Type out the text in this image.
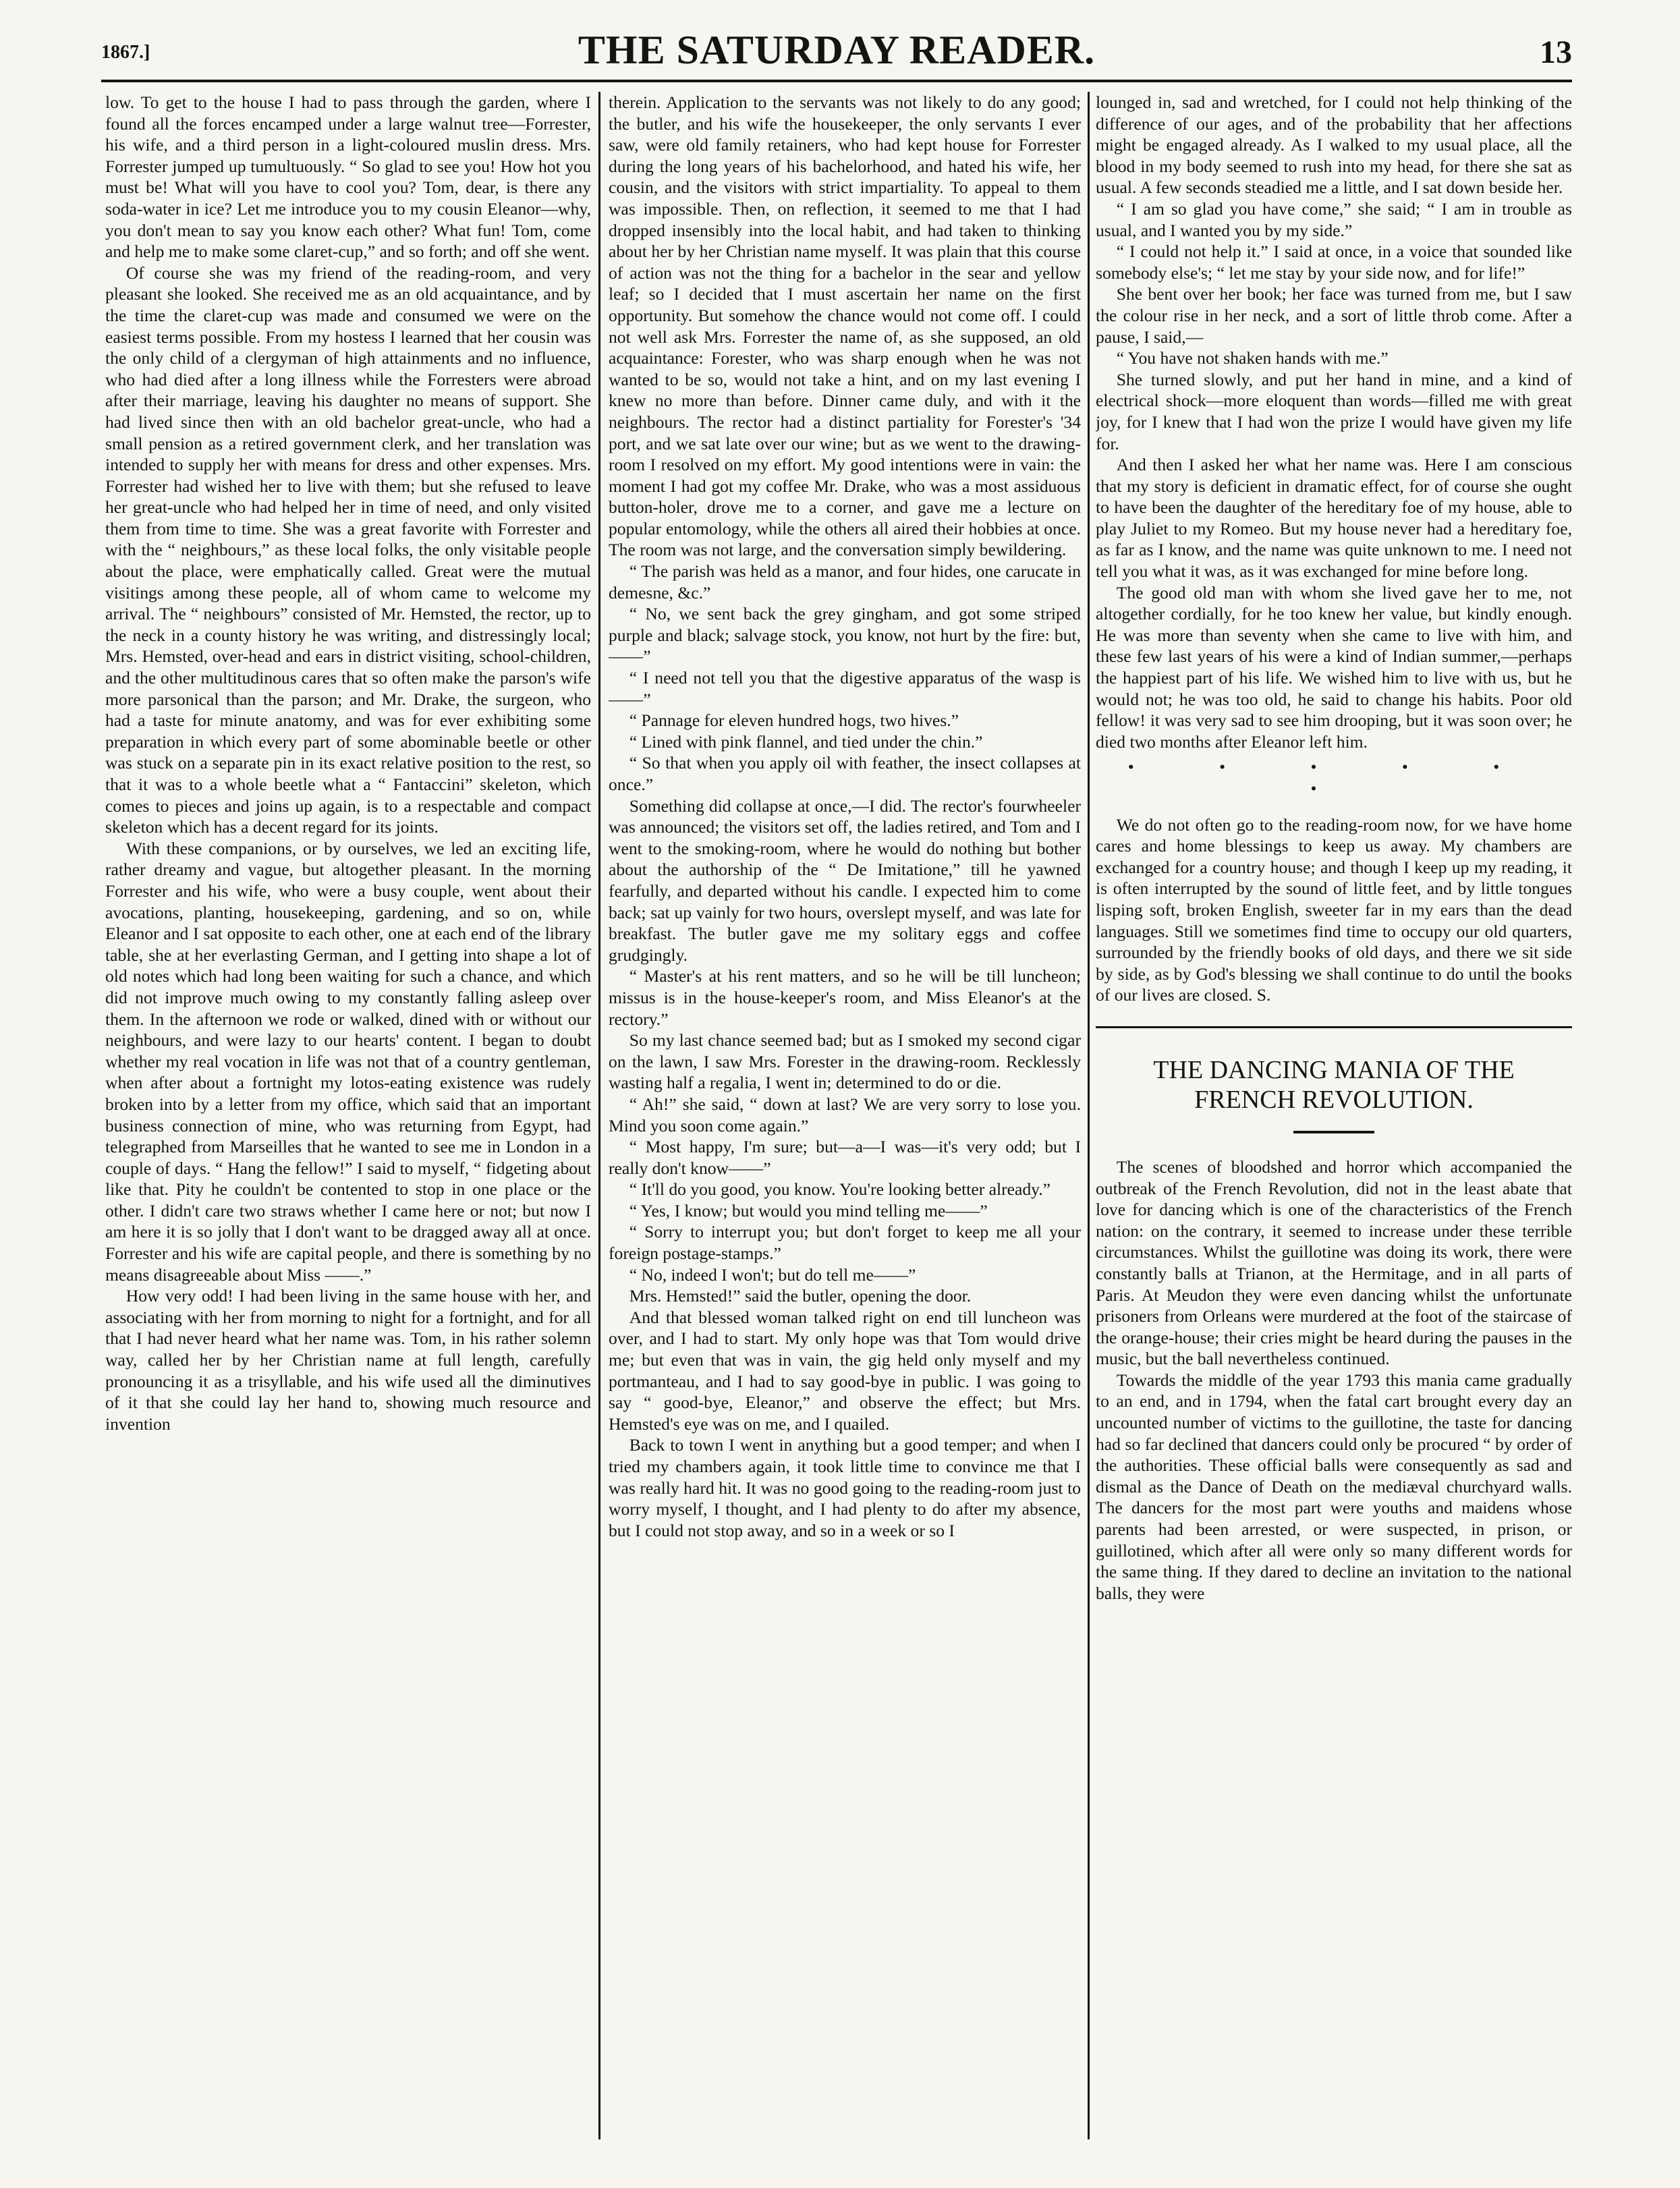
1867.]	THE SATURDAY READER.	13

low. To get to the house I had to pass through the garden, where I found all the forces encamped under a large walnut tree—Forrester, his wife, and a third person in a light-coloured muslin dress. Mrs. Forrester jumped up tumultuously. “ So glad to see you! How hot you must be! What will you have to cool you? Tom, dear, is there any soda-water in ice? Let me introduce you to my cousin Eleanor—why, you don't mean to say you know each other? What fun! Tom, come and help me to make some claret-cup,” and so forth; and off she went.

Of course she was my friend of the reading-room, and very pleasant she looked. She received me as an old acquaintance, and by the time the claret-cup was made and consumed we were on the easiest terms possible. From my hostess I learned that her cousin was the only child of a clergyman of high attainments and no influence, who had died after a long illness while the Forresters were abroad after their marriage, leaving his daughter no means of support. She had lived since then with an old bachelor great-uncle, who had a small pension as a retired government clerk, and her translation was intended to supply her with means for dress and other expenses. Mrs. Forrester had wished her to live with them; but she refused to leave her great-uncle who had helped her in time of need, and only visited them from time to time. She was a great favorite with Forrester and with the “ neighbours,” as these local folks, the only visitable people about the place, were emphatically called. Great were the mutual visitings among these people, all of whom came to welcome my arrival. The “ neighbours” consisted of Mr. Hemsted, the rector, up to the neck in a county history he was writing, and distressingly local; Mrs. Hemsted, over-head and ears in district visiting, school-children, and the other multitudinous cares that so often make the parson's wife more parsonical than the parson; and Mr. Drake, the surgeon, who had a taste for minute anatomy, and was for ever exhibiting some preparation in which every part of some abominable beetle or other was stuck on a separate pin in its exact relative position to the rest, so that it was to a whole beetle what a “ Fantaccini” skeleton, which comes to pieces and joins up again, is to a respectable and compact skeleton which has a decent regard for its joints.

With these companions, or by ourselves, we led an exciting life, rather dreamy and vague, but altogether pleasant. In the morning Forrester and his wife, who were a busy couple, went about their avocations, planting, housekeeping, gardening, and so on, while Eleanor and I sat opposite to each other, one at each end of the library table, she at her everlasting German, and I getting into shape a lot of old notes which had long been waiting for such a chance, and which did not improve much owing to my constantly falling asleep over them. In the afternoon we rode or walked, dined with or without our neighbours, and were lazy to our hearts' content. I began to doubt whether my real vocation in life was not that of a country gentleman, when after about a fortnight my lotos-eating existence was rudely broken into by a letter from my office, which said that an important business connection of mine, who was returning from Egypt, had telegraphed from Marseilles that he wanted to see me in London in a couple of days. “ Hang the fellow!” I said to myself, “ fidgeting about like that. Pity he couldn't be contented to stop in one place or the other. I didn't care two straws whether I came here or not; but now I am here it is so jolly that I don't want to be dragged away all at once. Forrester and his wife are capital people, and there is something by no means disagreeable about Miss ——.”

How very odd! I had been living in the same house with her, and associating with her from morning to night for a fortnight, and for all that I had never heard what her name was. Tom, in his rather solemn way, called her by her Christian name at full length, carefully pronouncing it as a trisyllable, and his wife used all the diminutives of it that she could lay her hand to, showing much resource and invention

therein. Application to the servants was not likely to do any good; the butler, and his wife the housekeeper, the only servants I ever saw, were old family retainers, who had kept house for Forrester during the long years of his bachelorhood, and hated his wife, her cousin, and the visitors with strict impartiality. To appeal to them was impossible. Then, on reflection, it seemed to me that I had dropped insensibly into the local habit, and had taken to thinking about her by her Christian name myself. It was plain that this course of action was not the thing for a bachelor in the sear and yellow leaf; so I decided that I must ascertain her name on the first opportunity. But somehow the chance would not come off. I could not well ask Mrs. Forrester the name of, as she supposed, an old acquaintance: Forester, who was sharp enough when he was not wanted to be so, would not take a hint, and on my last evening I knew no more than before. Dinner came duly, and with it the neighbours. The rector had a distinct partiality for Forester's '34 port, and we sat late over our wine; but as we went to the drawing-room I resolved on my effort. My good intentions were in vain: the moment I had got my coffee Mr. Drake, who was a most assiduous button-holer, drove me to a corner, and gave me a lecture on popular entomology, while the others all aired their hobbies at once. The room was not large, and the conversation simply bewildering.

“ The parish was held as a manor, and four hides, one carucate in demesne, &c.”

“ No, we sent back the grey gingham, and got some striped purple and black; salvage stock, you know, not hurt by the fire: but,——”

“ I need not tell you that the digestive apparatus of the wasp is——”

“ Pannage for eleven hundred hogs, two hives.”

“ Lined with pink flannel, and tied under the chin.”

“ So that when you apply oil with feather, the insect collapses at once.”

Something did collapse at once,—I did. The rector's fourwheeler was announced; the visitors set off, the ladies retired, and Tom and I went to the smoking-room, where he would do nothing but bother about the authorship of the “ De Imitatione,” till he yawned fearfully, and departed without his candle. I expected him to come back; sat up vainly for two hours, overslept myself, and was late for breakfast. The butler gave me my solitary eggs and coffee grudgingly.

“ Master's at his rent matters, and so he will be till luncheon; missus is in the house-keeper's room, and Miss Eleanor's at the rectory.”

So my last chance seemed bad; but as I smoked my second cigar on the lawn, I saw Mrs. Forester in the drawing-room. Recklessly wasting half a regalia, I went in; determined to do or die.

“ Ah!” she said, “ down at last? We are very sorry to lose you. Mind you soon come again.”

“ Most happy, I'm sure; but—a—I was—it's very odd; but I really don't know——”

“ It'll do you good, you know. You're looking better already.”

“ Yes, I know; but would you mind telling me——”

“ Sorry to interrupt you; but don't forget to keep me all your foreign postage-stamps.”

“ No, indeed I won't; but do tell me——”

Mrs. Hemsted!” said the butler, opening the door.

And that blessed woman talked right on end till luncheon was over, and I had to start. My only hope was that Tom would drive me; but even that was in vain, the gig held only myself and my portmanteau, and I had to say good-bye in public. I was going to say “ good-bye, Eleanor,” and observe the effect; but Mrs. Hemsted's eye was on me, and I quailed.

Back to town I went in anything but a good temper; and when I tried my chambers again, it took little time to convince me that I was really hard hit. It was no good going to the reading-room just to worry myself, I thought, and I had plenty to do after my absence, but I could not stop away, and so in a week or so I

lounged in, sad and wretched, for I could not help thinking of the difference of our ages, and of the probability that her affections might be engaged already. As I walked to my usual place, all the blood in my body seemed to rush into my head, for there she sat as usual. A few seconds steadied me a little, and I sat down beside her.

“ I am so glad you have come,” she said; “ I am in trouble as usual, and I wanted you by my side.”

“ I could not help it.” I said at once, in a voice that sounded like somebody else's; “ let me stay by your side now, and for life!”

She bent over her book; her face was turned from me, but I saw the colour rise in her neck, and a sort of little throb come. After a pause, I said,—

“ You have not shaken hands with me.”

She turned slowly, and put her hand in mine, and a kind of electrical shock—more eloquent than words—filled me with great joy, for I knew that I had won the prize I would have given my life for.

And then I asked her what her name was. Here I am conscious that my story is deficient in dramatic effect, for of course she ought to have been the daughter of the hereditary foe of my house, able to play Juliet to my Romeo. But my house never had a hereditary foe, as far as I know, and the name was quite unknown to me. I need not tell you what it was, as it was exchanged for mine before long.

The good old man with whom she lived gave her to me, not altogether cordially, for he too knew her value, but kindly enough. He was more than seventy when she came to live with him, and these few last years of his were a kind of Indian summer,—perhaps the happiest part of his life. We wished him to live with us, but he would not; he was too old, he said to change his habits. Poor old fellow! it was very sad to see him drooping, but it was soon over; he died two months after Eleanor left him.

• • • • • •

We do not often go to the reading-room now, for we have home cares and home blessings to keep us away. My chambers are exchanged for a country house; and though I keep up my reading, it is often interrupted by the sound of little feet, and by little tongues lisping soft, broken English, sweeter far in my ears than the dead languages. Still we sometimes find time to occupy our old quarters, surrounded by the friendly books of old days, and there we sit side by side, as by God's blessing we shall continue to do until the books of our lives are closed. S.

THE DANCING MANIA OF THE
FRENCH REVOLUTION.

The scenes of bloodshed and horror which accompanied the outbreak of the French Revolution, did not in the least abate that love for dancing which is one of the characteristics of the French nation: on the contrary, it seemed to increase under these terrible circumstances. Whilst the guillotine was doing its work, there were constantly balls at Trianon, at the Hermitage, and in all parts of Paris. At Meudon they were even dancing whilst the unfortunate prisoners from Orleans were murdered at the foot of the staircase of the orange-house; their cries might be heard during the pauses in the music, but the ball nevertheless continued.

Towards the middle of the year 1793 this mania came gradually to an end, and in 1794, when the fatal cart brought every day an uncounted number of victims to the guillotine, the taste for dancing had so far declined that dancers could only be procured “ by order of the authorities. These official balls were consequently as sad and dismal as the Dance of Death on the mediæval churchyard walls. The dancers for the most part were youths and maidens whose parents had been arrested, or were suspected, in prison, or guillotined, which after all were only so many different words for the same thing. If they dared to decline an invitation to the national balls, they were
